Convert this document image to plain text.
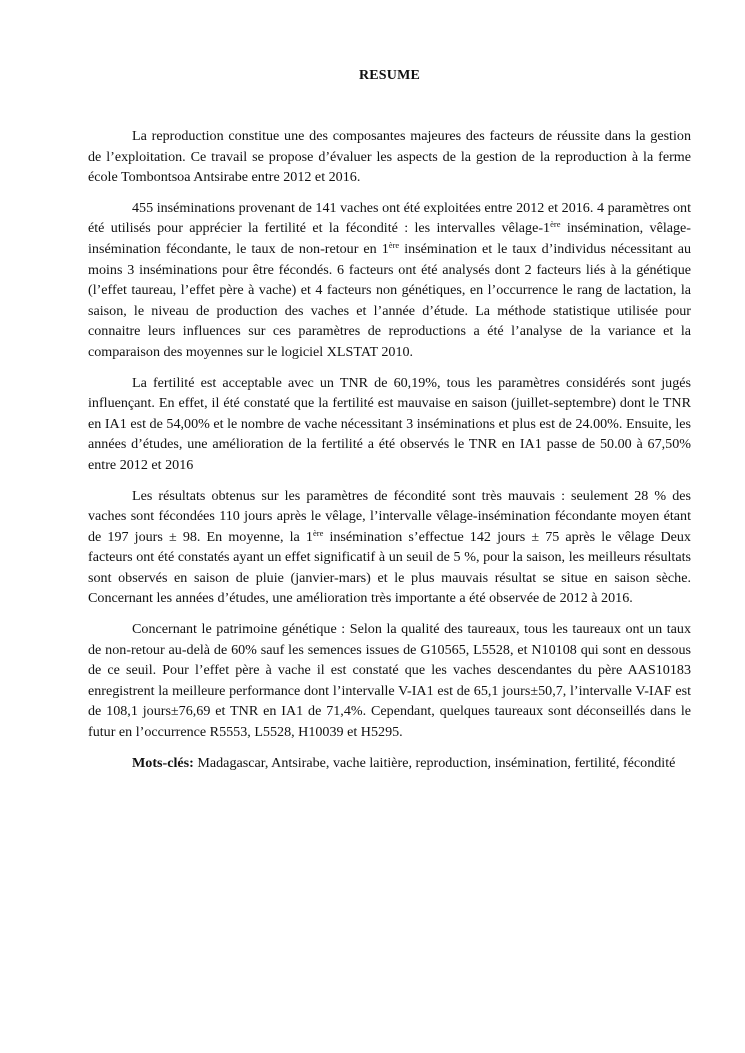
RESUME

La reproduction constitue une des composantes majeures des facteurs de réussite dans la gestion de l’exploitation. Ce travail se propose d’évaluer les aspects de la gestion de la reproduction à la ferme école Tombontsoa Antsirabe entre 2012 et 2016.

455 inséminations provenant de 141 vaches ont été exploitées entre 2012 et 2016. 4 paramètres ont été utilisés pour apprécier la fertilité et la fécondité : les intervalles vêlage-1ère insémination, vêlage-insémination fécondante, le taux de non-retour en 1ère insémination et le taux d’individus nécessitant au moins 3 inséminations pour être fécondés. 6 facteurs ont été analysés dont 2 facteurs liés à la génétique (l’effet taureau, l’effet père à vache) et 4 facteurs non génétiques, en l’occurrence le rang de lactation, la saison, le niveau de production des vaches et l’année d’étude. La méthode statistique utilisée pour connaitre leurs influences sur ces paramètres de reproductions a été l’analyse de la variance et la comparaison des moyennes sur le logiciel XLSTAT 2010.

La fertilité est acceptable avec un TNR de 60,19%, tous les paramètres considérés sont jugés influençant. En effet, il été constaté que la fertilité est mauvaise en saison (juillet-septembre) dont le TNR en IA1 est de 54,00% et le nombre de vache nécessitant 3 inséminations et plus est de 24.00%. Ensuite, les années d’études, une amélioration de la fertilité a été observés le TNR en IA1 passe de 50.00 à 67,50% entre 2012 et 2016

Les résultats obtenus sur les paramètres de fécondité sont très mauvais : seulement 28 % des vaches sont fécondées 110 jours après le vêlage, l’intervalle vêlage-insémination fécondante moyen étant de 197 jours ± 98. En moyenne, la 1ère insémination s’effectue 142 jours ± 75 après le vêlage Deux facteurs ont été constatés ayant un effet significatif à un seuil de 5 %, pour la saison, les meilleurs résultats sont observés en saison de pluie (janvier-mars) et le plus mauvais résultat se situe en saison sèche. Concernant les années d’études, une amélioration très importante a été observée de 2012 à 2016.

Concernant le patrimoine génétique : Selon la qualité des taureaux, tous les taureaux ont un taux de non-retour au-delà de 60% sauf les semences issues de G10565, L5528, et N10108 qui sont en dessous de ce seuil. Pour l’effet père à vache il est constaté que les vaches descendantes du père AAS10183 enregistrent la meilleure performance dont l’intervalle V-IA1 est de 65,1 jours±50,7, l’intervalle V-IAF est de 108,1 jours±76,69 et TNR en IA1 de 71,4%. Cependant, quelques taureaux sont déconseillés dans le futur en l’occurrence R5553, L5528, H10039 et H5295.

Mots-clés: Madagascar, Antsirabe, vache laitière, reproduction, insémination, fertilité, fécondité
